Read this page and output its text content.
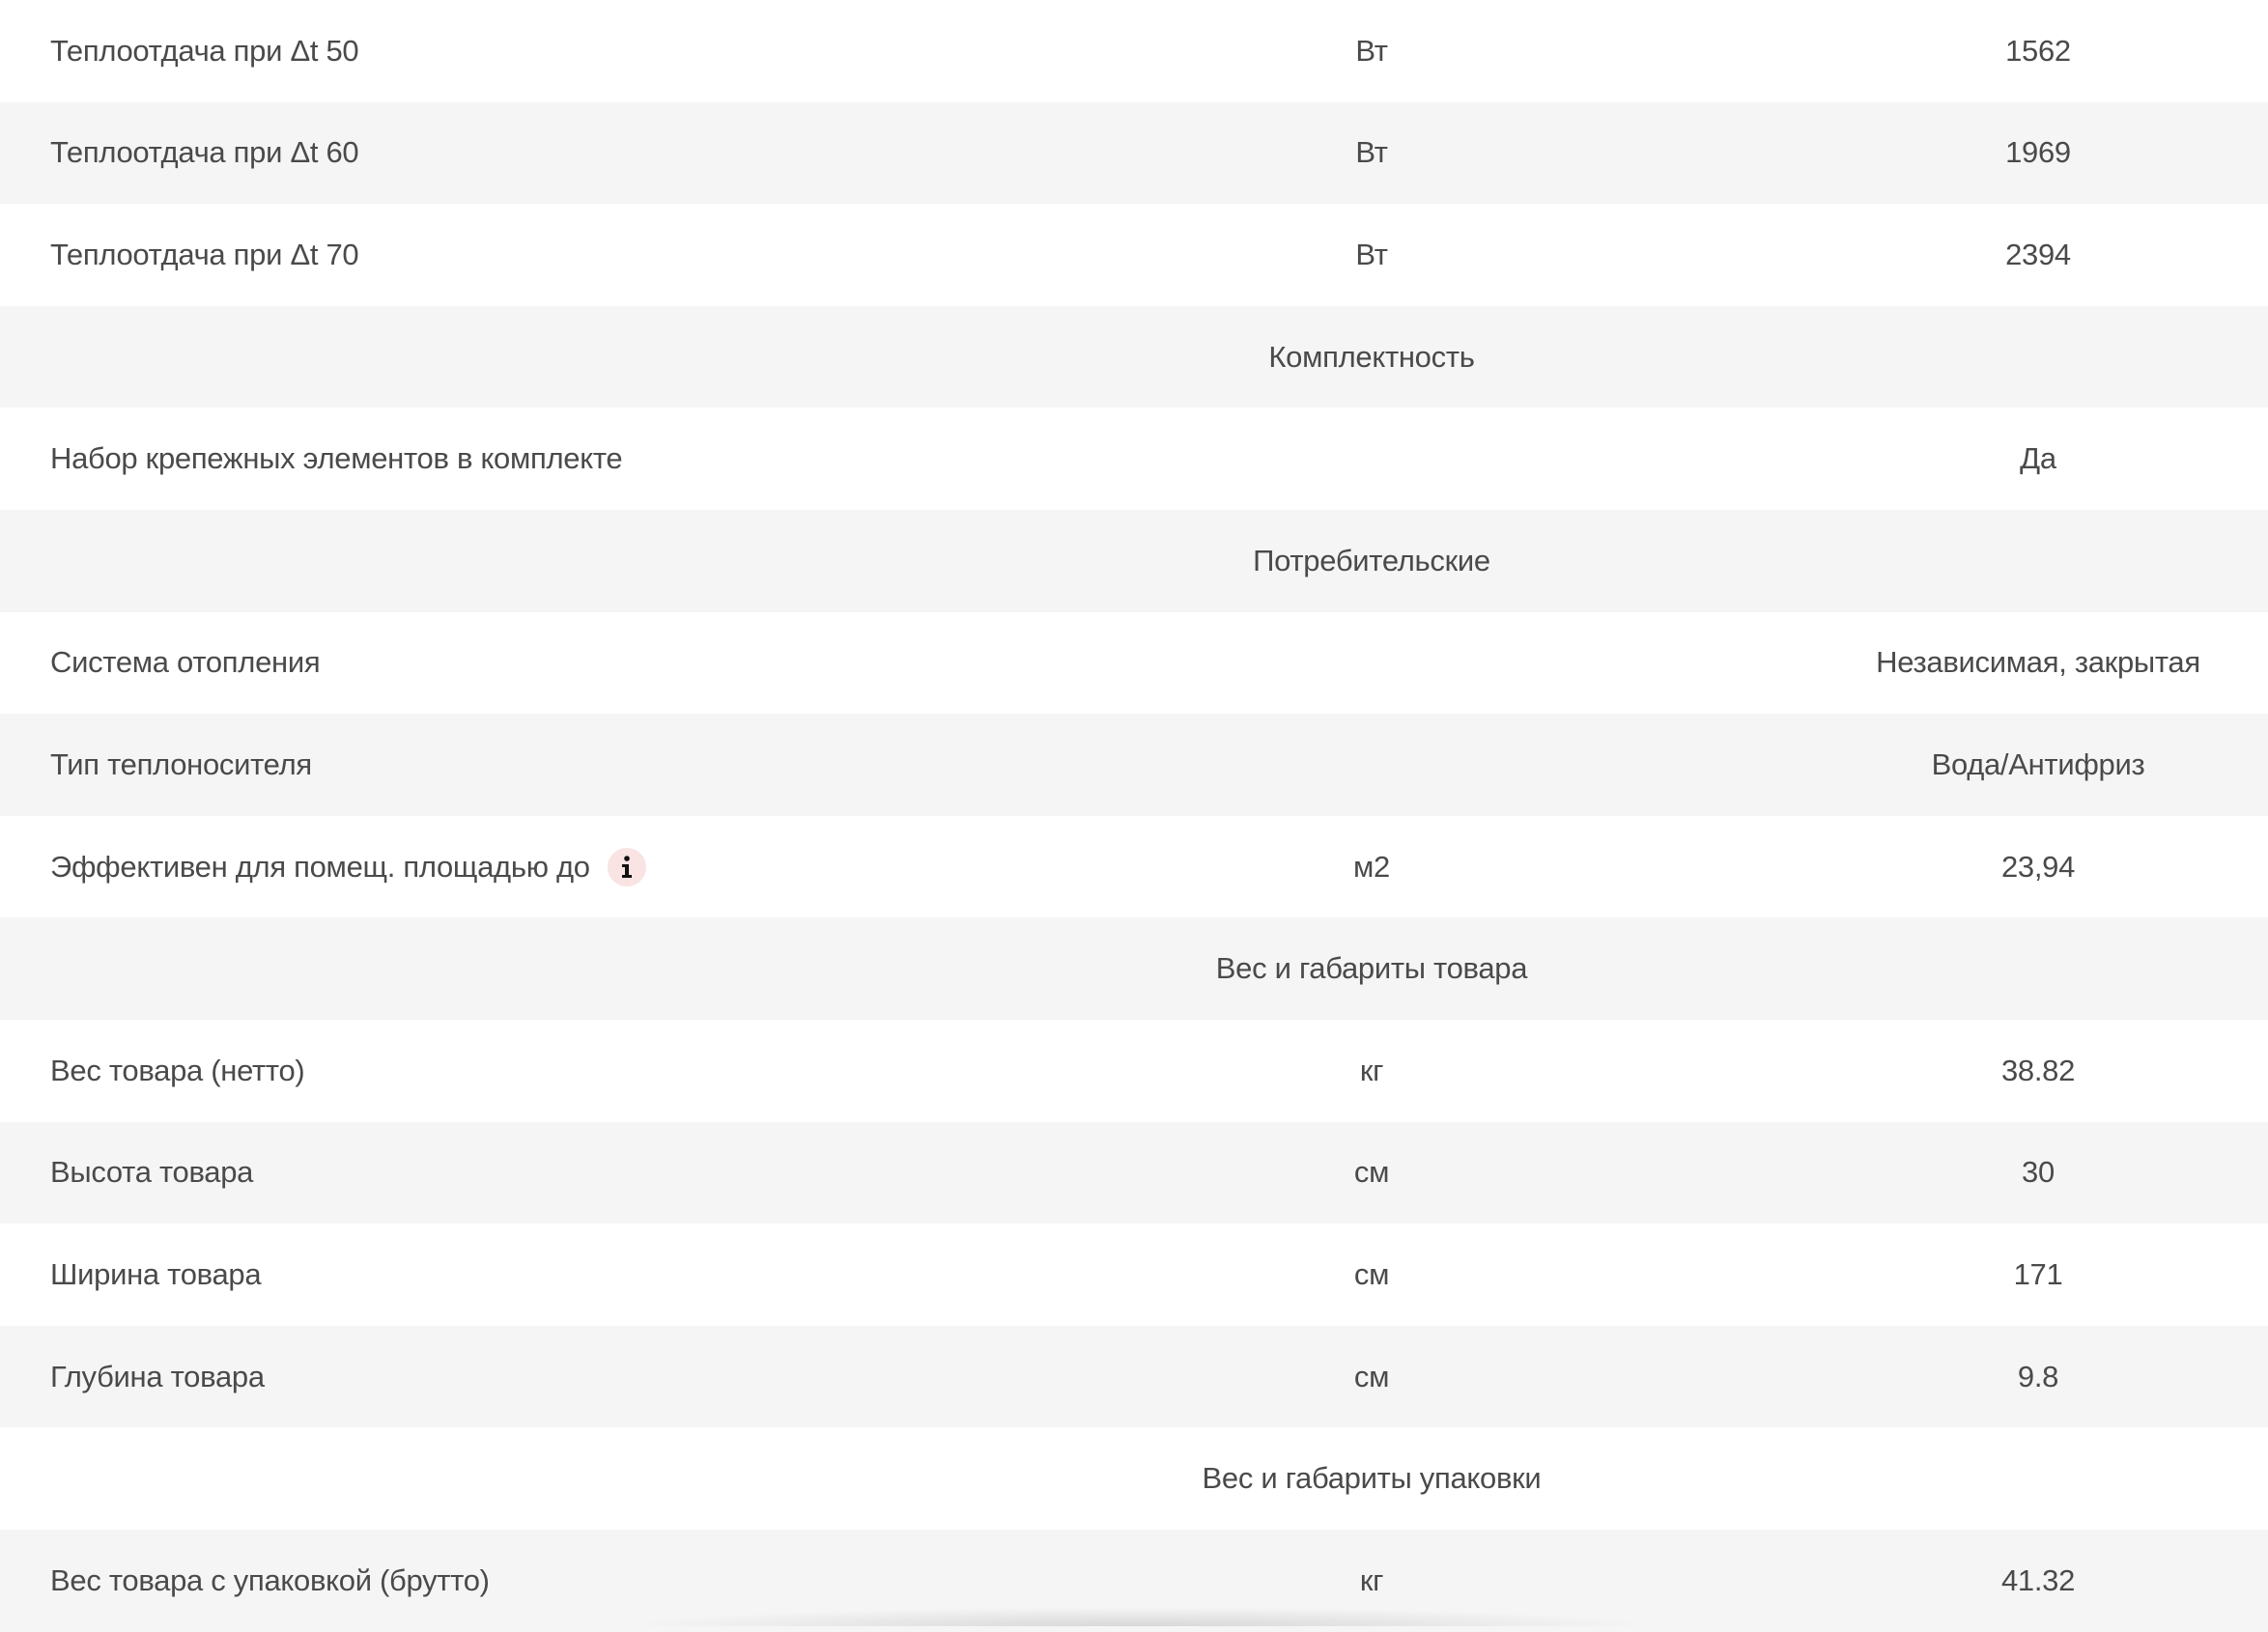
Теплоотдача при Δt 50	Вт	1562
Теплоотдача при Δt 60	Вт	1969
Теплоотдача при Δt 70	Вт	2394
Комплектность
Набор крепежных элементов в комплекте	Да
Потребительские
Система отопления	Независимая, закрытая
Тип теплоносителя	Вода/Антифриз
Эффективен для помещ. площадью до	м2	23,94
Вес и габариты товара
Вес товара (нетто)	кг	38.82
Высота товара	см	30
Ширина товара	см	171
Глубина товара	см	9.8
Вес и габариты упаковки
Вес товара с упаковкой (брутто)	кг	41.32
